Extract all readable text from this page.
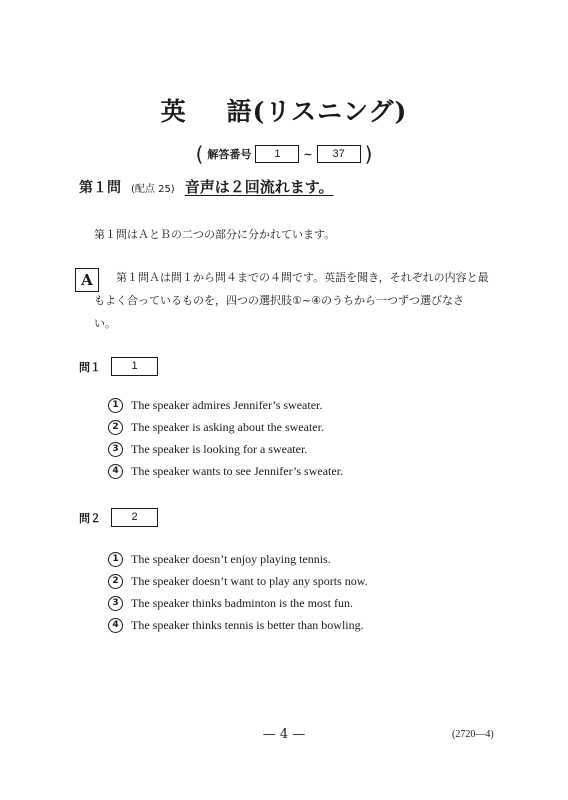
英 語(リスニング)
( 解答番号	1	~	37 )
第１問 (配点 25) 音声は２回流れます。
第１問はＡとＢの二つの部分に分かれています。
A	第１問Ａは問１から問４までの４問です。英語を聞き，それぞれの内容と最
もよく合っているものを，四つの選択肢①~④のうちから一つずつ選びなさ
い。
問１	1
1	The speaker admires Jennifer’s sweater.
2	The speaker is asking about the sweater.
3	The speaker is looking for a sweater.
4	The speaker wants to see Jennifer’s sweater.
問２	2
1	The speaker doesn’t enjoy playing tennis.
2	The speaker doesn’t want to play any sports now.
3	The speaker thinks badminton is the most fun.
4	The speaker thinks tennis is better than bowling.
— 4 —	(2720—4)
